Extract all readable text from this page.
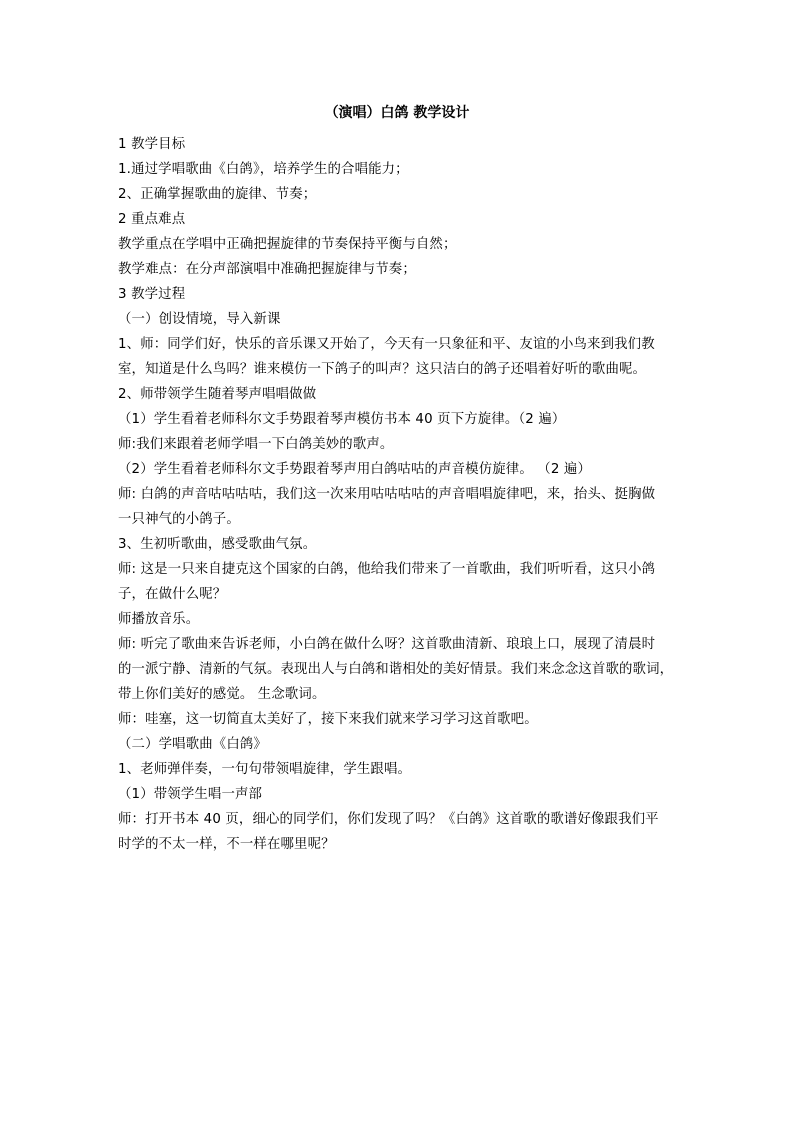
（演唱）白鸽 教学设计
1 教学目标
1.通过学唱歌曲《白鸽》，培养学生的合唱能力；
2、正确掌握歌曲的旋律、节奏；
2 重点难点
教学重点在学唱中正确把握旋律的节奏保持平衡与自然；
教学难点：在分声部演唱中准确把握旋律与节奏；
3 教学过程
（一）创设情境，导入新课
1、师：同学们好，快乐的音乐课又开始了，今天有一只象征和平、友谊的小鸟来到我们教
室，知道是什么鸟吗？谁来模仿一下鸽子的叫声？这只洁白的鸽子还唱着好听的歌曲呢。
2、师带领学生随着琴声唱唱做做
（1）学生看着老师科尔文手势跟着琴声模仿书本 40 页下方旋律。（2 遍）
师:我们来跟着老师学唱一下白鸽美妙的歌声。
（2）学生看着老师科尔文手势跟着琴声用白鸽咕咕的声音模仿旋律。 （2 遍）
师: 白鸽的声音咕咕咕咕，我们这一次来用咕咕咕咕的声音唱唱旋律吧，来，抬头、挺胸做
一只神气的小鸽子。
3、生初听歌曲，感受歌曲气氛。
师: 这是一只来自捷克这个国家的白鸽，他给我们带来了一首歌曲，我们听听看，这只小鸽
子，在做什么呢？
师播放音乐。
师: 听完了歌曲来告诉老师，小白鸽在做什么呀？这首歌曲清新、琅琅上口，展现了清晨时
的一派宁静、清新的气氛。表现出人与白鸽和谐相处的美好情景。我们来念念这首歌的歌词，
带上你们美好的感觉。 生念歌词。
师：哇塞，这一切简直太美好了，接下来我们就来学习学习这首歌吧。
（二）学唱歌曲《白鸽》
1、老师弹伴奏，一句句带领唱旋律，学生跟唱。
（1）带领学生唱一声部
师：打开书本 40 页，细心的同学们，你们发现了吗？《白鸽》这首歌的歌谱好像跟我们平
时学的不太一样，不一样在哪里呢？
